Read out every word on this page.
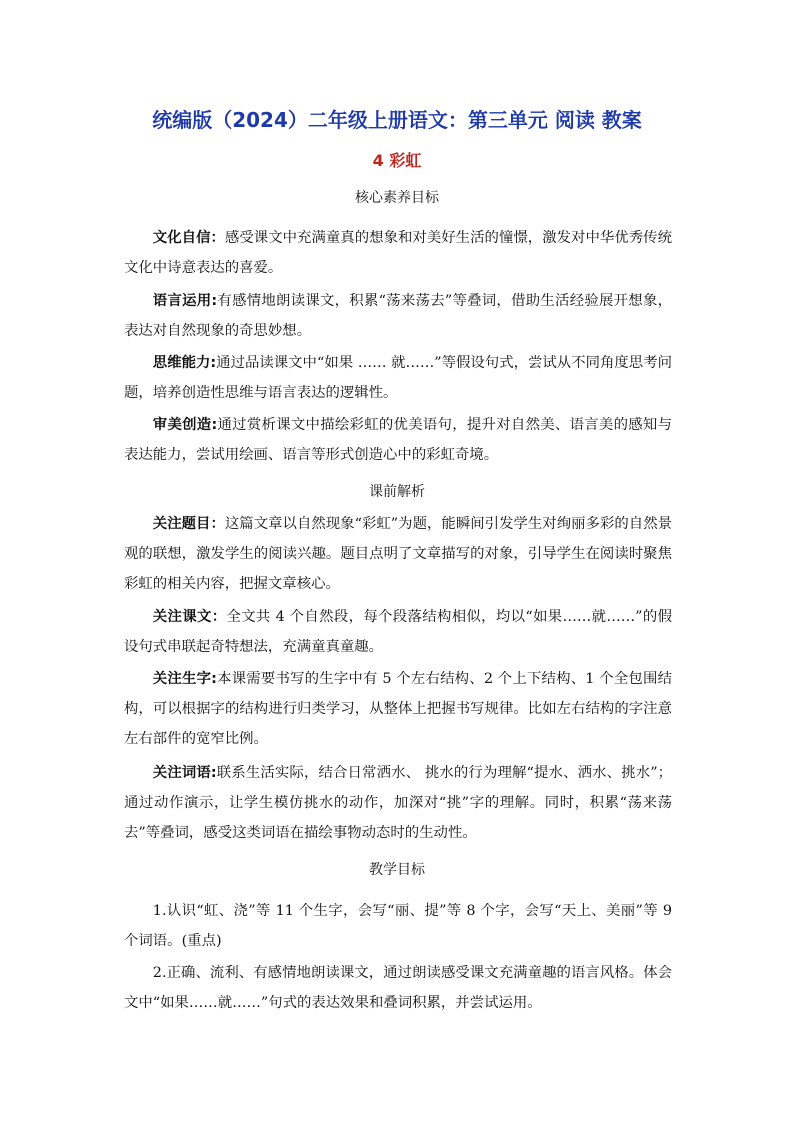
统编版（2024）二年级上册语文：第三单元 阅读 教案
4 彩虹
核心素养目标

文化自信：感受课文中充满童真的想象和对美好生活的憧憬，激发对中华优秀传统文化中诗意表达的喜爱。

语言运用:有感情地朗读课文，积累“荡来荡去”等叠词，借助生活经验展开想象，表达对自然现象的奇思妙想。

思维能力:通过品读课文中“如果 …… 就……”等假设句式，尝试从不同角度思考问 题，培养创造性思维与语言表达的逻辑性。

审美创造:通过赏析课文中描绘彩虹的优美语句，提升对自然美、语言美的感知与表达能力，尝试用绘画、语言等形式创造心中的彩虹奇境。

课前解析

关注题目：这篇文章以自然现象“彩虹”为题，能瞬间引发学生对绚丽多彩的自然景观的联想，激发学生的阅读兴趣。题目点明了文章描写的对象，引导学生在阅读时聚焦彩虹的相关内容，把握文章核心。

关注课文：全文共 4 个自然段，每个段落结构相似，均以“如果……就……”的假设句式串联起奇特想法，充满童真童趣。

关注生字:本课需要书写的生字中有 5 个左右结构、2 个上下结构、1 个全包围结构，可以根据字的结构进行归类学习，从整体上把握书写规律。比如左右结构的字注意左右部件的宽窄比例。

关注词语:联系生活实际，结合日常洒水、 挑水的行为理解“提水、洒水、挑水”；通过动作演示，让学生模仿挑水的动作，加深对“挑”字的理解。同时，积累“荡来荡去”等叠词，感受这类词语在描绘事物动态时的生动性。

教学目标

1.认识“虹、浇”等 11 个生字，会写“丽、提”等 8 个字，会写“天上、美丽”等 9 个词语。(重点)

2.正确、流利、有感情地朗读课文，通过朗读感受课文充满童趣的语言风格。体会文中“如果……就……”句式的表达效果和叠词积累，并尝试运用。
